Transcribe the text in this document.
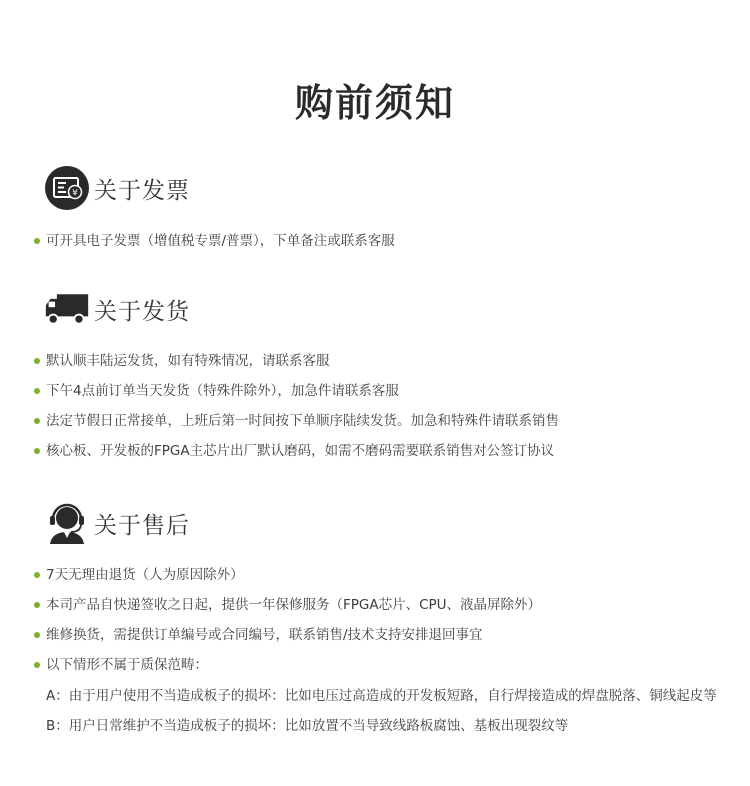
购前须知
¥ 关于发票
可开具电子发票（增值税专票/普票），下单备注或联系客服
关于发货
默认顺丰陆运发货，如有特殊情况，请联系客服
下午4点前订单当天发货（特殊件除外），加急件请联系客服
法定节假日正常接单，上班后第一时间按下单顺序陆续发货。加急和特殊件请联系销售
核心板、开发板的FPGA主芯片出厂默认磨码，如需不磨码需要联系销售对公签订协议
关于售后
7天无理由退货（人为原因除外）
本司产品自快递签收之日起，提供一年保修服务（FPGA芯片、CPU、液晶屏除外）
维修换货，需提供订单编号或合同编号，联系销售/技术支持安排退回事宜
以下情形不属于质保范畴：
A：由于用户使用不当造成板子的损坏：比如电压过高造成的开发板短路，自行焊接造成的焊盘脱落、铜线起皮等
B：用户日常维护不当造成板子的损坏：比如放置不当导致线路板腐蚀、基板出现裂纹等
